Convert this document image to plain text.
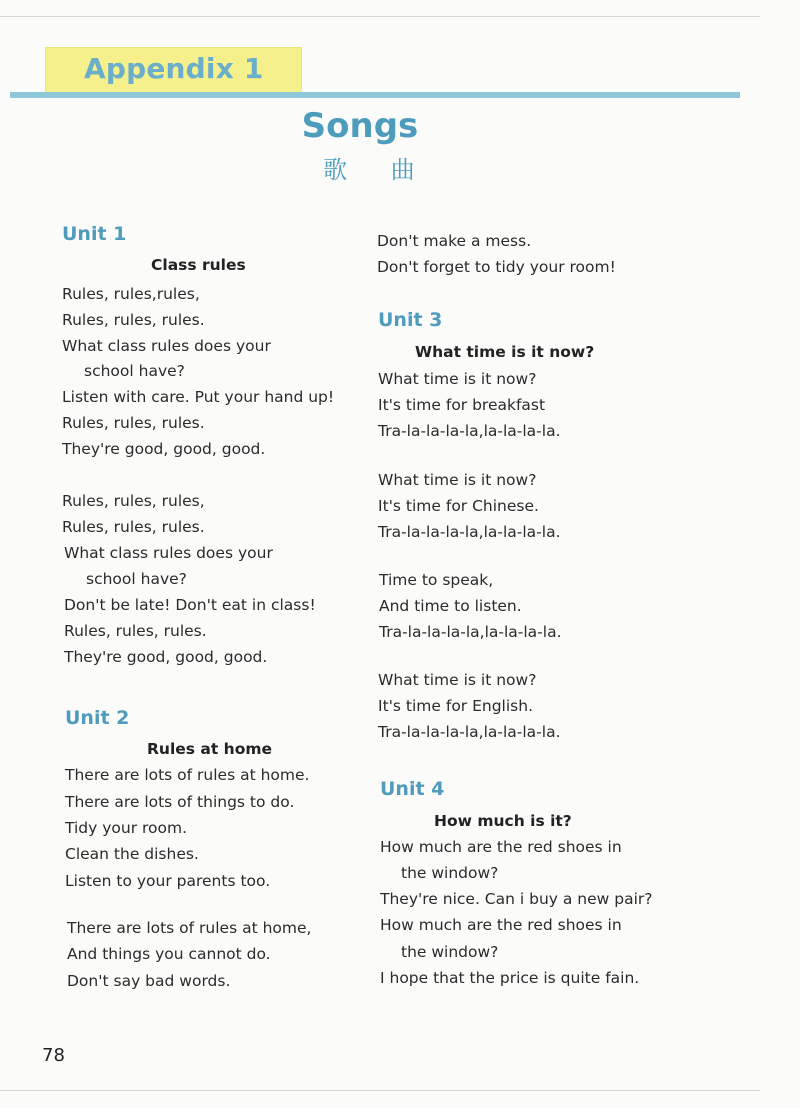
Appendix 1
Songs
歌 曲
Unit 1
Class rules
Rules, rules,rules,
Rules, rules, rules.
What class rules does your
school have?
Listen with care. Put your hand up!
Rules, rules, rules.
They're good, good, good.
Rules, rules, rules,
Rules, rules, rules.
What class rules does your
school have?
Don't be late! Don't eat in class!
Rules, rules, rules.
They're good, good, good.
Unit 2
Rules at home
There are lots of rules at home.
There are lots of things to do.
Tidy your room.
Clean the dishes.
Listen to your parents too.
There are lots of rules at home,
And things you cannot do.
Don't say bad words.
Don't make a mess.
Don't forget to tidy your room!
Unit 3
What time is it now?
What time is it now?
It's time for breakfast
Tra-la-la-la-la,la-la-la-la.
What time is it now?
It's time for Chinese.
Tra-la-la-la-la,la-la-la-la.
Time to speak,
And time to listen.
Tra-la-la-la-la,la-la-la-la.
What time is it now?
It's time for English.
Tra-la-la-la-la,la-la-la-la.
Unit 4
How much is it?
How much are the red shoes in
the window?
They're nice. Can i buy a new pair?
How much are the red shoes in
the window?
I hope that the price is quite fain.
78
